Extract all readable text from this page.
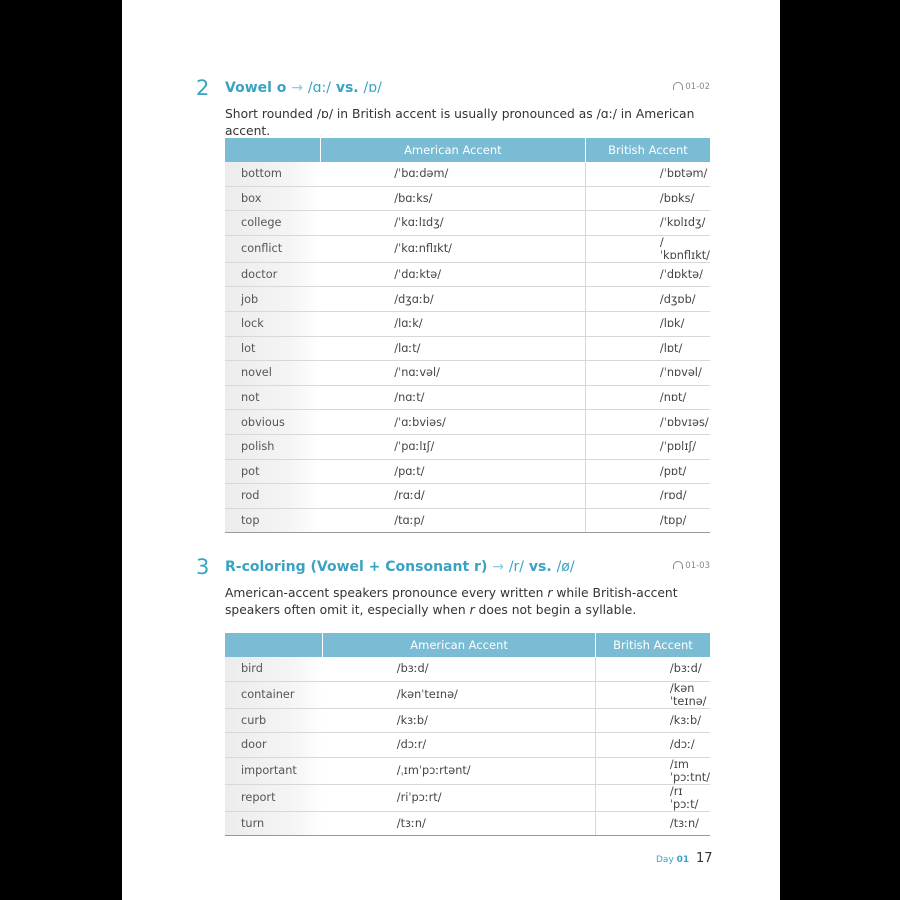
2 Vowel o → /ɑ:/ vs. /ɒ/	01-02
Short rounded /ɒ/ in British accent is usually pronounced as /ɑ:/ in American accent.
	American Accent	British Accent
bottom	/ˈbɑːdəm/	/ˈbɒtəm/
box	/bɑːks/	/bɒks/
college	/ˈkɑːlɪdʒ/	/ˈkɒlɪdʒ/
conflict	/ˈkɑːnflɪkt/	/ˈkɒnflɪkt/
doctor	/ˈdɑːktə/	/ˈdɒktə/
job	/dʒɑːb/	/dʒɒb/
lock	/lɑːk/	/lɒk/
lot	/lɑːt/	/lɒt/
novel	/ˈnɑːvəl/	/ˈnɒvəl/
not	/nɑːt/	/nɒt/
obvious	/ˈɑːbviəs/	/ˈɒbvɪəs/
polish	/ˈpɑːlɪʃ/	/ˈpɒlɪʃ/
pot	/pɑːt/	/pɒt/
rod	/rɑːd/	/rɒd/
top	/tɑːp/	/tɒp/
3 R-coloring (Vowel + Consonant r) → /r/ vs. /ø/	01-03
American-accent speakers pronounce every written r while British-accent speakers often omit it, especially when r does not begin a syllable.
	American Accent	British Accent
bird	/bɜːd/	/bɜːd/
container	/kənˈteɪnə/	/kənˈteɪnə/
curb	/kɜːb/	/kɜːb/
door	/dɔːr/	/dɔː/
important	/ˌɪmˈpɔːrtənt/	/ɪmˈpɔːtnt/
report	/riˈpɔːrt/	/rɪˈpɔːt/
turn	/tɜːn/	/tɜːn/
Day 01 17
